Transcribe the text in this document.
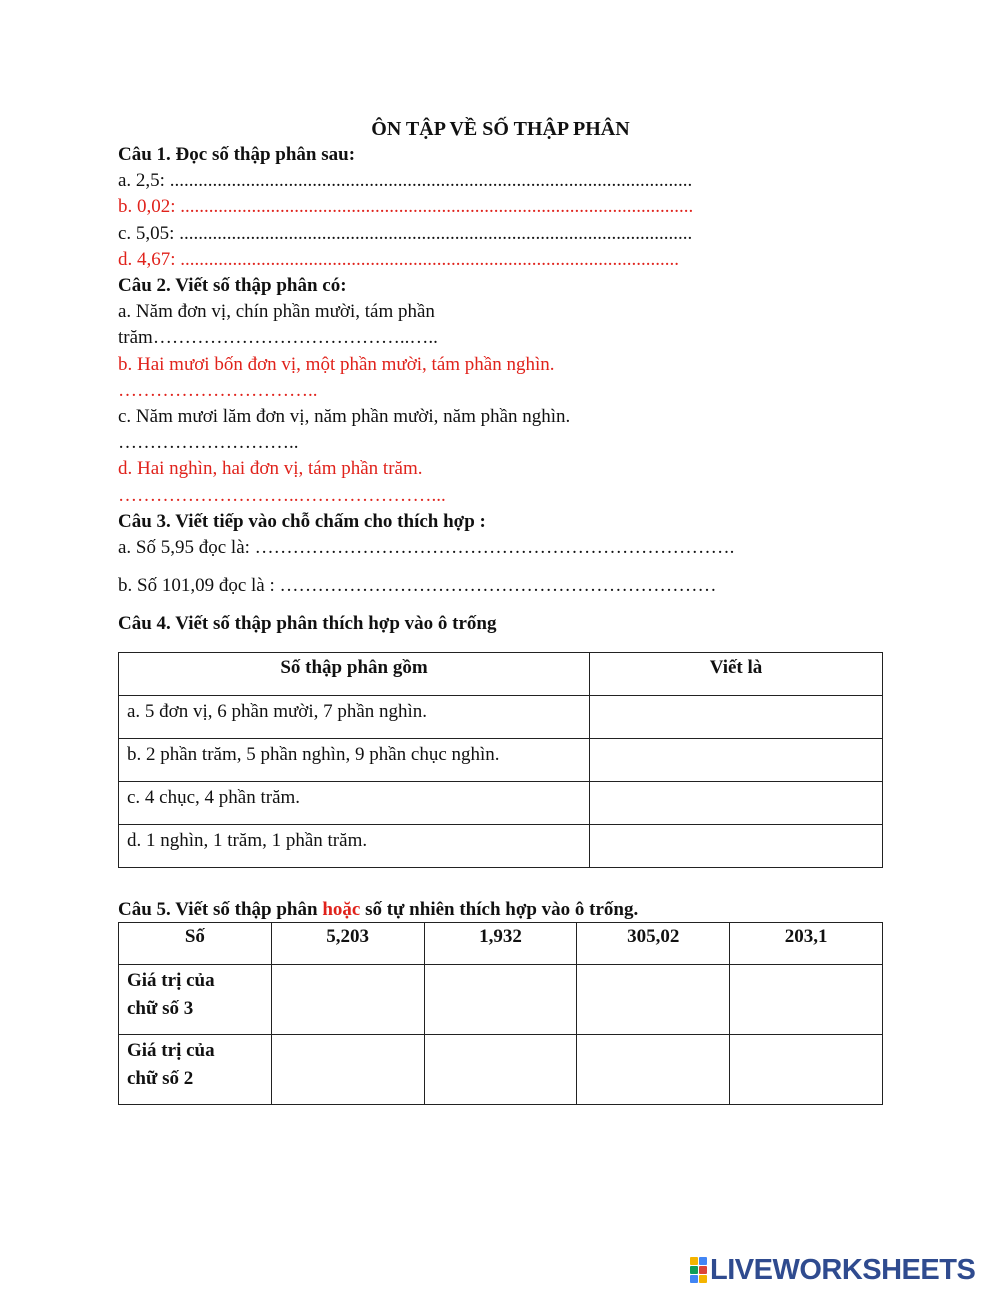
ÔN TẬP VỀ SỐ THẬP PHÂN
Câu 1. Đọc số thập phân sau:
a. 2,5: ..............................................................................................................
b. 0,02: ............................................................................................................
c. 5,05: ............................................................................................................
d. 4,67: .........................................................................................................
Câu 2. Viết số thập phân có:
a. Năm đơn vị, chín phần mười, tám phần
trăm…………………………………..…..
b. Hai mươi bốn đơn vị, một phần mười, tám phần nghìn.
…………………………..
c. Năm mươi lăm đơn vị, năm phần mười, năm phần nghìn.
………………………..
d. Hai nghìn, hai đơn vị, tám phần trăm.
………………………..…………………...
Câu 3. Viết tiếp vào chỗ chấm cho thích hợp :
a. Số 5,95 đọc là: ………………………………………………………………….
b. Số 101,09 đọc là : ……………………………………………………………
Câu 4. Viết số thập phân thích hợp vào ô trống
Số thập phân gồm	Viết là
a. 5 đơn vị, 6 phần mười, 7 phần nghìn.	
b. 2 phần trăm, 5 phần nghìn, 9 phần chục nghìn.	
c. 4 chục, 4 phần trăm.	
d. 1 nghìn, 1 trăm, 1 phần trăm.	
Câu 5. Viết số thập phân hoặc số tự nhiên thích hợp vào ô trống.
Số	5,203	1,932	305,02	203,1
Giá trị của
chữ số 3				
Giá trị của
chữ số 2				
LIVEWORKSHEETS
